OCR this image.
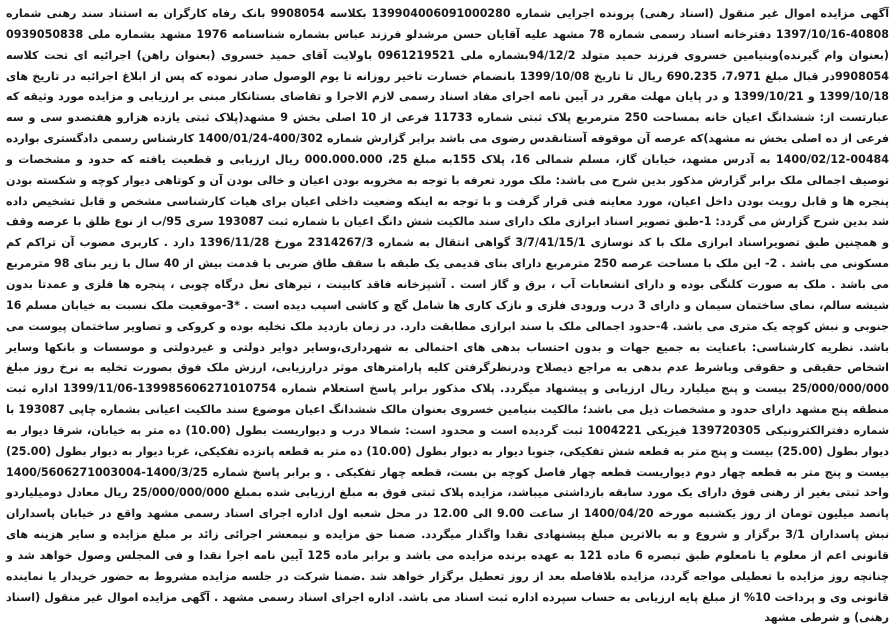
آگهی مزایده اموال غیر منقول (اسناد رهنی) پرونده اجرایی شماره 139904006091000280 بکلاسه 9908054 بانک رفاه کارگران به استناد سند رهنی شماره 40808-1397/10/16 دفترخانه اسناد رسمی شماره 78 مشهد علیه آقایان حسن مرشدلو فرزند عباس بشماره شناسنامه 1976 مشهد بشماره ملی 0939050838 (بعنوان وام گیرنده)وبنیامین خسروی فرزند حمید متولد 94/12/2بشماره ملی 0961219521 باولایت آقای حمید خسروی (بعنوان راهن) اجرائیه ای تحت کلاسه 9908054در قبال مبلغ 7،971، 690.235 ریال تا تاریخ 1399/10/08 بانضمام خسارت تاخیر روزانه تا یوم الوصول صادر نموده که پس از ابلاغ اجرائیه در تاریخ های 1399/10/18 و 1399/10/21 و در پایان مهلت مقرر در آیین نامه اجرای مفاد اسناد رسمی لازم الاجرا و تقاضای بستانکار مبنی بر ارزیابی و مزایده مورد وثیقه که عبارتست از: ششدانگ اعیان خانه بمساحت 250 مترمربع پلاک ثبتی شماره 11733 فرعی از 10 اصلی بخش 9 مشهد(پلاک ثبتی یازده هزارو هفتصدو سی و سه فرعی از ده اصلی بخش نه مشهد)که عرصه آن موقوفه آستانقدس رضوی می باشد برابر گزارش شماره 400/302-1400/01/24 کارشناس رسمی دادگستری بوارده 00484-1400/02/12 به آدرس مشهد، خیابان گاز، مسلم شمالی 16، پلاک 155به مبلغ 25، 000.000.000 ریال ارزیابی و قطعیت یافته که حدود و مشخصات و توصیف اجمالی ملک برابر گزارش مذکور بدین شرح می باشد: ملک مورد تعرفه با توجه به مخروبه بودن اعیان و خالی بودن آن و کوتاهی دیوار کوچه و شکسته بودن پنجره ها و قابل رویت بودن داخل اعیان، مورد معاینه فنی قرار گرفت و با توجه به اینکه وضعیت داخلی اعیان برای هیات کارشناسی مشخص و قابل تشخیص داده شد بدین شرح گزارش می گردد: 1-طبق تصویر اسناد ابرازی ملک دارای سند مالکیت شش دانگ اعیان با شماره ثبت 193087 سری 95/ب از نوع ظلق با عرصه وقف و همچنین طبق تصویراسناد ابرازی ملک با کد نوسازی 3/7/41/15/1 گواهی انتقال به شماره 2314267/3 مورخ 1396/11/28 دارد . کاربری مصوب آن تراکم کم مسکونی می باشد . 2- این ملک با مساحت عرصه 250 مترمربع دارای بنای قدیمی یک طبقه با سقف طاق ضربی با قدمت بیش از 40 سال با زیر بنای 98 مترمربع می باشد . ملک به صورت کلنگی بوده و دارای انشعابات آب ، برق و گاز است . آشپزخانه فاقد کابینت ، تیرهای نعل درگاه چوبی ، پنجره ها فلزی و عمدتا بدون شیشه سالم، نمای ساختمان سیمان و دارای 3 درب ورودی فلزی و نازک کاری ها شامل گچ و کاشی اسپب دیده است . *3-موقعیت ملک نسبت به خیابان مسلم 16 جنوبی و نبش کوچه یک متری می باشد. 4-حدود اجمالی ملک با سند ابرازی مطابقت دارد. در زمان بازدید ملک تخلیه بوده و کروکی و تصاویر ساختمان پیوست می باشد. نظریه کارشناسی: باعنایت به جمیع جهات و بدون احتساب بدهی های احتمالی به شهرداری،وسایر دوایر دولتی و غیردولتی و موسسات و بانکها وسایر اشخاص حقیقی و حقوقی وباشرط عدم بدهی به مراجع ذیصلاح ودرنظرگرفتن کلیه پارامترهای موثر درارزیابی، ارزش ملک فوق بصورت تخلیه به نرخ روز مبلغ 25/000/000/000 بیست و پنج میلیارد ریال ارزیابی و پیشنهاد میگردد. پلاک مذکور برابر پاسخ استعلام شماره 139985606271010754-1399/11/06 اداره ثبت منطقه پنج مشهد دارای حدود و مشخصات ذیل می باشد؛ مالکیت بنیامین خسروی بعنوان مالک ششدانگ اعیان موضوع سند مالکیت اعیانی بشماره چاپی 193087 با شماره دفترالکترونیکی 139720305 فیزیکی 1004221 ثبت گردیده است و محدود است: شمالا درب و دیواریست بطول (10.00) ده متر به خیابان، شرقا دیوار به دیوار بطول (25.00) بیست و پنج متر به قطعه شش تفکیکی، جنوبا دیوار به دیوار بطول (10.00) ده متر به قطعه پانزده تفکیکی، غربا دیوار به دیوار بطول (25.00) بیست و پنج متر به قطعه چهار دوم دیواریست قطعه چهار فاصل کوچه بن بست، قطعه چهار تفکیکی . و برابر پاسخ شماره 1400/3/25-1400/5606271003004 واحد ثبتی بغیر از رهنی فوق دارای یک مورد سابقه بازداشتی میباشد، مزایده پلاک ثبتی فوق به مبلغ ارزیابی شده بمبلغ 25/000/000/000 ریال معادل دومیلیاردو پانصد میلیون تومان از روز یکشنبه مورخه 1400/04/20 از ساعت 9.00 الی 12.00 در محل شعبه اول اداره اجرای اسناد رسمی مشهد واقع در خیابان پاسداران نبش پاسداران 3/1 برگزار و شروع و به بالاترین مبلغ پیشنهادی نقدا واگذار میگردد. ضمنا حق مزایده و نیمعشر اجرائی زائد بر مبلغ مزایده و سایر هزینه های قانونی اعم از معلوم یا نامعلوم طبق تبصره 6 ماده 121 به عهده برنده مزایده می باشد و برابر ماده 125 آیین نامه اجرا نقدا و فی المجلس وصول خواهد شد و چنانچه روز مزایده با تعطیلی مواجه گردد، مزایده بلافاصله بعد از روز تعطیل برگزار خواهد شد .ضمنا شرکت در جلسه مزایده مشروط به حضور خریدار یا نماینده قانونی وی و پرداخت 10% از مبلغ پایه ارزیابی به حساب سپرده اداره ثبت اسناد می باشد. اداره اجرای اسناد رسمی مشهد . آگهی مزایده اموال غیر منقول (اسناد رهنی) و شرطی مشهد
